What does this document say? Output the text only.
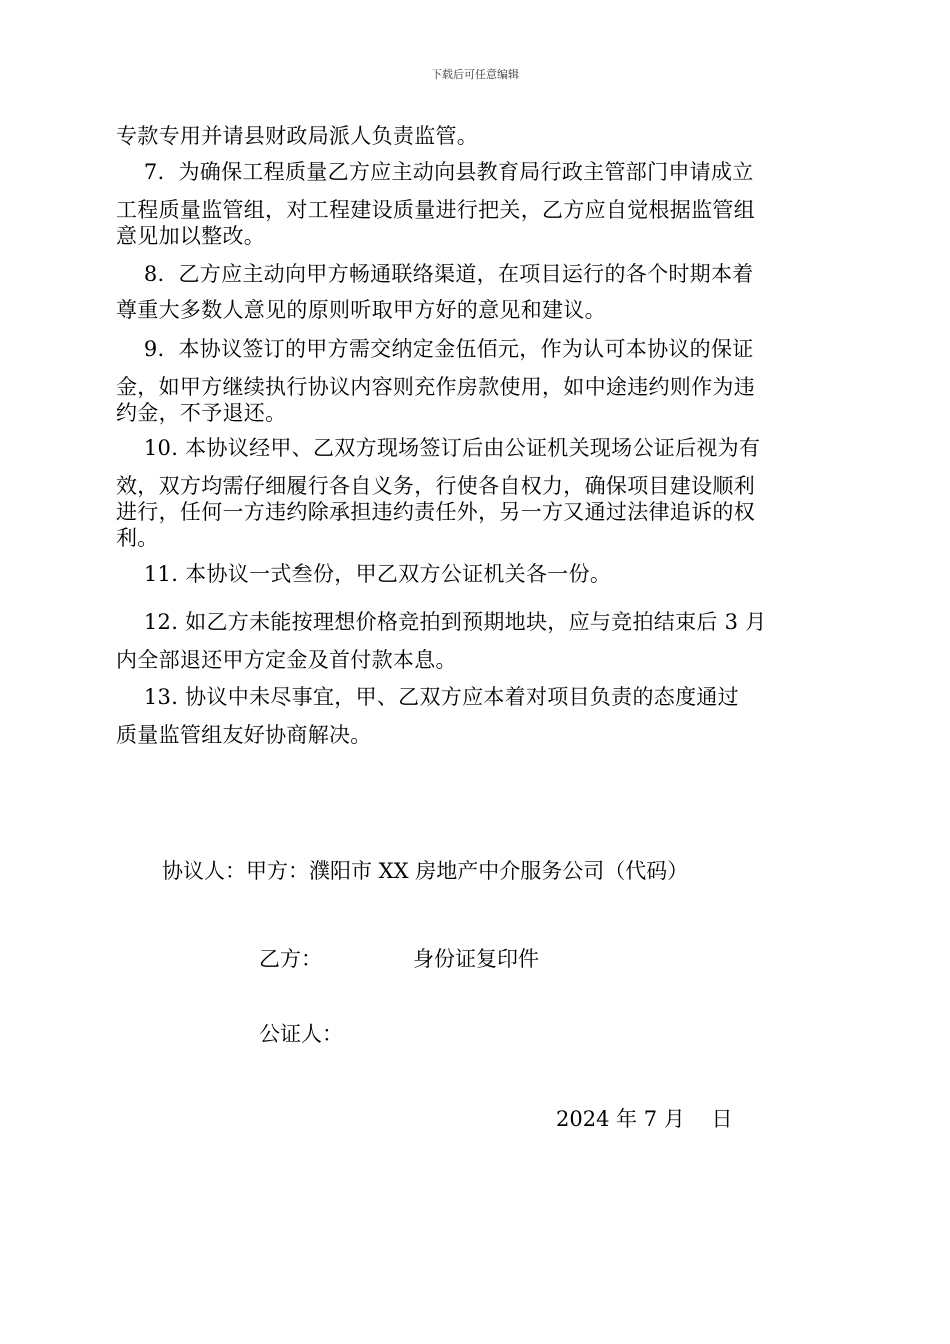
下载后可任意编辑
专款专用并请县财政局派人负责监管。
7.  为确保工程质量乙方应主动向县教育局行政主管部门申请成立
工程质量监管组，对工程建设质量进行把关，乙方应自觉根据监管组
意见加以整改。
8.  乙方应主动向甲方畅通联络渠道，在项目运行的各个时期本着
尊重大多数人意见的原则听取甲方好的意见和建议。
9.  本协议签订的甲方需交纳定金伍佰元，作为认可本协议的保证
金，如甲方继续执行协议内容则充作房款使用，如中途违约则作为违
约金，不予退还。
10. 本协议经甲、乙双方现场签订后由公证机关现场公证后视为有
效，双方均需仔细履行各自义务，行使各自权力，确保项目建设顺利
进行，任何一方违约除承担违约责任外，另一方又通过法律追诉的权
利。
11. 本协议一式叁份，甲乙双方公证机关各一份。
12. 如乙方未能按理想价格竞拍到预期地块，应与竞拍结束后 3 月
内全部退还甲方定金及首付款本息。
13. 协议中未尽事宜，甲、乙双方应本着对项目负责的态度通过
质量监管组友好协商解决。
协议人：甲方：濮阳市 XX 房地产中介服务公司（代码）
乙方：	身份证复印件
公证人：
2024 年 7 月    日
